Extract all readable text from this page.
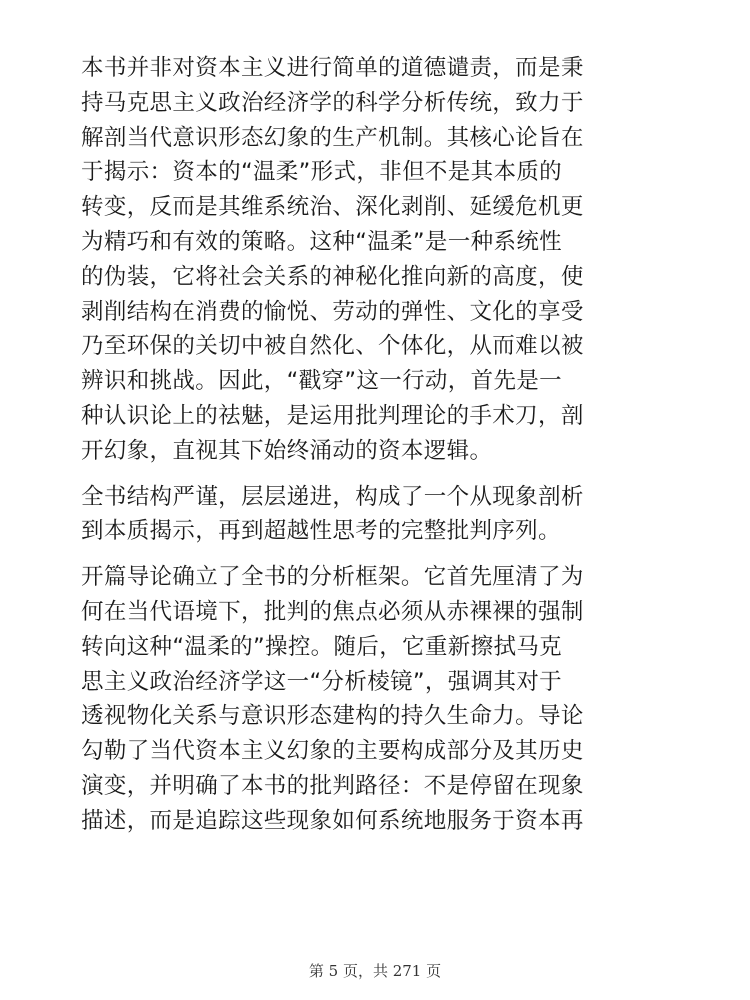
本书并非对资本主义进行简单的道德谴责，而是秉
持马克思主义政治经济学的科学分析传统，致力于
解剖当代意识形态幻象的生产机制。其核心论旨在
于揭示：资本的“温柔”形式，非但不是其本质的
转变，反而是其维系统治、深化剥削、延缓危机更
为精巧和有效的策略。这种“温柔”是一种系统性
的伪装，它将社会关系的神秘化推向新的高度，使
剥削结构在消费的愉悦、劳动的弹性、文化的享受
乃至环保的关切中被自然化、个体化，从而难以被
辨识和挑战。因此，“戳穿”这一行动，首先是一
种认识论上的祛魅，是运用批判理论的手术刀，剖
开幻象，直视其下始终涌动的资本逻辑。

全书结构严谨，层层递进，构成了一个从现象剖析
到本质揭示，再到超越性思考的完整批判序列。

开篇导论确立了全书的分析框架。它首先厘清了为
何在当代语境下，批判的焦点必须从赤裸裸的强制
转向这种“温柔的”操控。随后，它重新擦拭马克
思主义政治经济学这一“分析棱镜”，强调其对于
透视物化关系与意识形态建构的持久生命力。导论
勾勒了当代资本主义幻象的主要构成部分及其历史
演变，并明确了本书的批判路径：不是停留在现象
描述，而是追踪这些现象如何系统地服务于资本再

第 5 页，共 271 页
